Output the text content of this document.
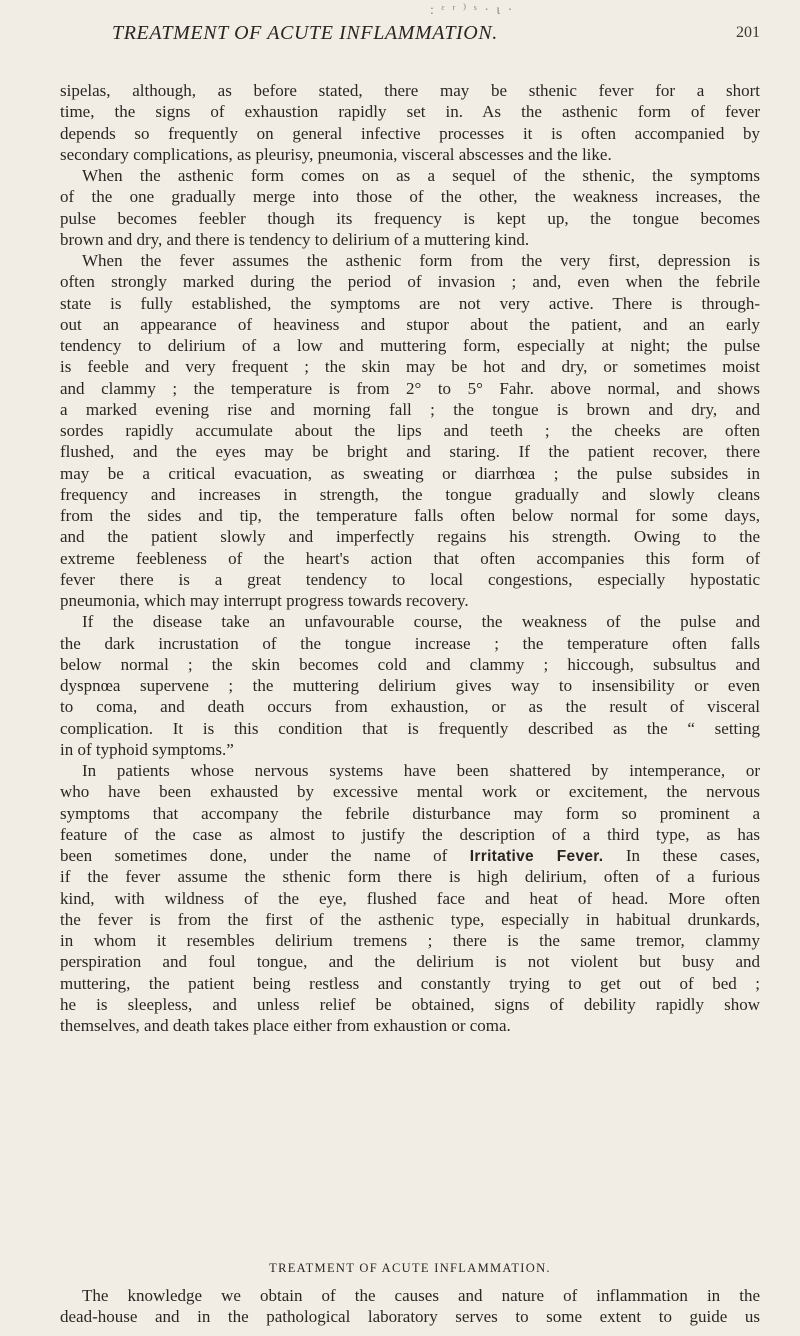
: ᵋ ʳ ⁾ ˢ · ɩ ·
TREATMENT OF ACUTE INFLAMMATION.	201
sipelas, although, as before stated, there may be sthenic fever for a short
time, the signs of exhaustion rapidly set in. As the asthenic form of fever
depends so frequently on general infective processes it is often accompanied by
secondary complications, as pleurisy, pneumonia, visceral abscesses and the like.
When the asthenic form comes on as a sequel of the sthenic, the symptoms
of the one gradually merge into those of the other, the weakness increases, the
pulse becomes feebler though its frequency is kept up, the tongue becomes
brown and dry, and there is tendency to delirium of a muttering kind.
When the fever assumes the asthenic form from the very first, depression is
often strongly marked during the period of invasion ; and, even when the febrile
state is fully established, the symptoms are not very active. There is through-
out an appearance of heaviness and stupor about the patient, and an early
tendency to delirium of a low and muttering form, especially at night; the pulse
is feeble and very frequent ; the skin may be hot and dry, or sometimes moist
and clammy ; the temperature is from 2° to 5° Fahr. above normal, and shows
a marked evening rise and morning fall ; the tongue is brown and dry, and
sordes rapidly accumulate about the lips and teeth ; the cheeks are often
flushed, and the eyes may be bright and staring. If the patient recover, there
may be a critical evacuation, as sweating or diarrhœa ; the pulse subsides in
frequency and increases in strength, the tongue gradually and slowly cleans
from the sides and tip, the temperature falls often below normal for some days,
and the patient slowly and imperfectly regains his strength. Owing to the
extreme feebleness of the heart's action that often accompanies this form of
fever there is a great tendency to local congestions, especially hypostatic
pneumonia, which may interrupt progress towards recovery.
If the disease take an unfavourable course, the weakness of the pulse and
the dark incrustation of the tongue increase ; the temperature often falls
below normal ; the skin becomes cold and clammy ; hiccough, subsultus and
dyspnœa supervene ; the muttering delirium gives way to insensibility or even
to coma, and death occurs from exhaustion, or as the result of visceral
complication. It is this condition that is frequently described as the “ setting
in of typhoid symptoms.”
In patients whose nervous systems have been shattered by intemperance, or
who have been exhausted by excessive mental work or excitement, the nervous
symptoms that accompany the febrile disturbance may form so prominent a
feature of the case as almost to justify the description of a third type, as has
been sometimes done, under the name of Irritative Fever. In these cases,
if the fever assume the sthenic form there is high delirium, often of a furious
kind, with wildness of the eye, flushed face and heat of head. More often
the fever is from the first of the asthenic type, especially in habitual drunkards,
in whom it resembles delirium tremens ; there is the same tremor, clammy
perspiration and foul tongue, and the delirium is not violent but busy and
muttering, the patient being restless and constantly trying to get out of bed ;
he is sleepless, and unless relief be obtained, signs of debility rapidly show
themselves, and death takes place either from exhaustion or coma.
TREATMENT OF ACUTE INFLAMMATION.
The knowledge we obtain of the causes and nature of inflammation in the
dead-house and in the pathological laboratory serves to some extent to guide us
